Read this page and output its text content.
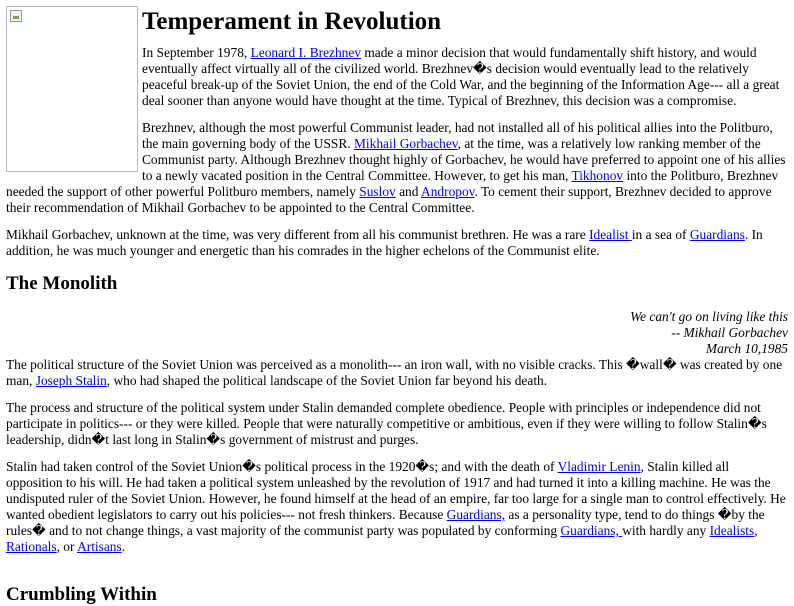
Temperament in Revolution

In September 1978, Leonard I. Brezhnev made a minor decision that would fundamentally shift history, and would eventually affect virtually all of the civilized world. Brezhnev�s decision would eventually lead to the relatively peaceful break-up of the Soviet Union, the end of the Cold War, and the beginning of the Information Age--- all a great deal sooner than anyone would have thought at the time. Typical of Brezhnev, this decision was a compromise.

Brezhnev, although the most powerful Communist leader, had not installed all of his political allies into the Politburo, the main governing body of the USSR. Mikhail Gorbachev, at the time, was a relatively low ranking member of the Communist party. Although Brezhnev thought highly of Gorbachev, he would have preferred to appoint one of his allies to a newly vacated position in the Central Committee. However, to get his man, Tikhonov into the Politburo, Brezhnev needed the support of other powerful Politburo members, namely Suslov and Andropov. To cement their support, Brezhnev decided to approve their recommendation of Mikhail Gorbachev to be appointed to the Central Committee.

Mikhail Gorbachev, unknown at the time, was very different from all his communist brethren. He was a rare Idealist in a sea of Guardians. In addition, he was much younger and energetic than his comrades in the higher echelons of the Communist elite.

The Monolith
We can't go on living like this
-- Mikhail Gorbachev
March 10,1985

The political structure of the Soviet Union was perceived as a monolith--- an iron wall, with no visible cracks. This �wall� was created by one man, Joseph Stalin, who had shaped the political landscape of the Soviet Union far beyond his death.

The process and structure of the political system under Stalin demanded complete obedience. People with principles or independence did not participate in politics--- or they were killed. People that were naturally competitive or ambitious, even if they were willing to follow Stalin�s leadership, didn�t last long in Stalin�s government of mistrust and purges.

Stalin had taken control of the Soviet Union�s political process in the 1920�s; and with the death of Vladimir Lenin, Stalin killed all opposition to his will. He had taken a political system unleashed by the revolution of 1917 and had turned it into a killing machine. He was the undisputed ruler of the Soviet Union. However, he found himself at the head of an empire, far too large for a single man to control effectively. He wanted obedient legislators to carry out his policies--- not fresh thinkers. Because Guardians, as a personality type, tend to do things �by the rules� and to not change things, a vast majority of the communist party was populated by conforming Guardians, with hardly any Idealists, Rationals, or Artisans.

Crumbling Within
